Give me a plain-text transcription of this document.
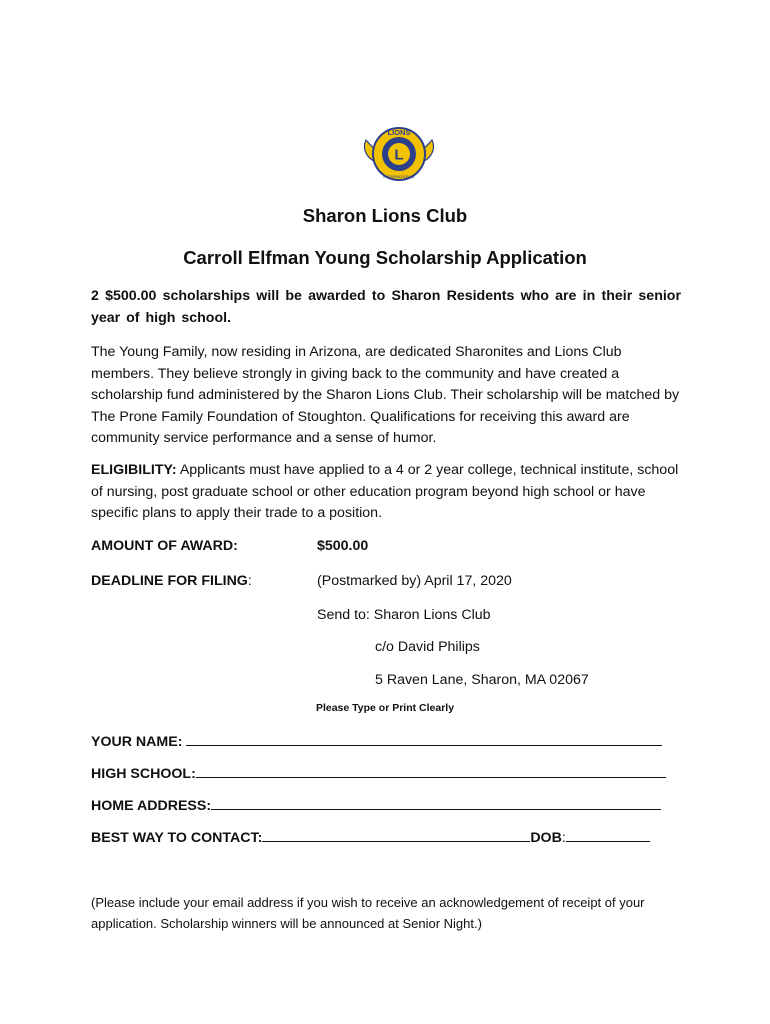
L
LIONS
INTERNATIONAL
Sharon Lions Club
Carroll Elfman Young Scholarship Application
2 $500.00 scholarships will be awarded to Sharon Residents who are in their senior year of high school.
The Young Family, now residing in Arizona, are dedicated Sharonites and Lions Club members. They believe strongly in giving back to the community and have created a scholarship fund administered by the Sharon Lions Club. Their scholarship will be matched by The Prone Family Foundation of Stoughton. Qualifications for receiving this award are community service performance and a sense of humor.
ELIGIBILITY: Applicants must have applied to a 4 or 2 year college, technical institute, school of nursing, post graduate school or other education program beyond high school or have specific plans to apply their trade to a position.
AMOUNT OF AWARD:	$500.00
DEADLINE FOR FILING:	(Postmarked by) April 17, 2020
Send to: Sharon Lions Club
c/o David Philips
5 Raven Lane, Sharon, MA 02067
Please Type or Print Clearly
YOUR NAME:
HIGH SCHOOL:
HOME ADDRESS:
BEST WAY TO CONTACT:	DOB:
(Please include your email address if you wish to receive an acknowledgement of receipt of your application. Scholarship winners will be announced at Senior Night.)
